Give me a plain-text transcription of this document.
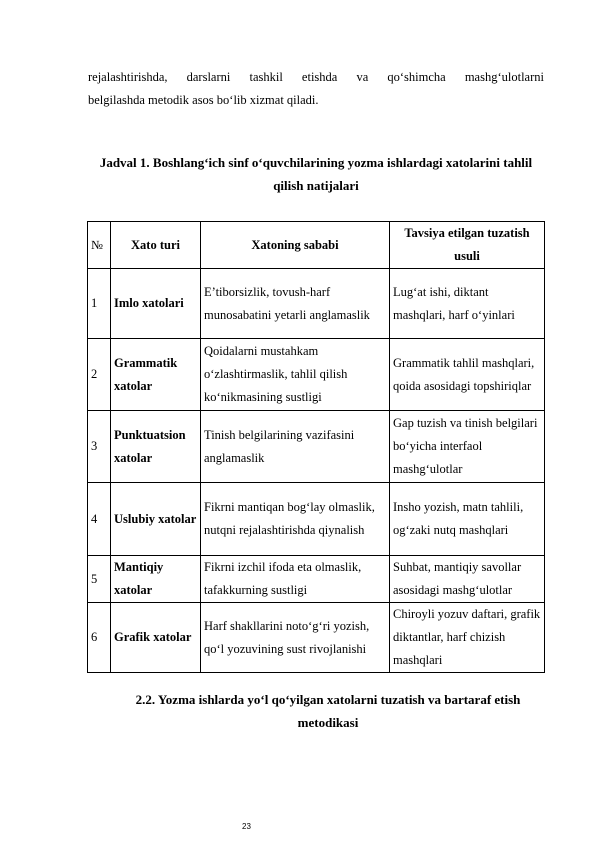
rejalashtirishda, darslarni tashkil etishda va qo‘shimcha mashg‘ulotlarni
belgilashda metodik asos bo‘lib xizmat qiladi.
Jadval 1. Boshlang‘ich sinf o‘quvchilarining yozma ishlardagi xatolarini tahlil qilish natijalari
№	Xato turi	Xatoning sababi	Tavsiya etilgan tuzatish usuli
1	Imlo xatolari	E’tiborsizlik, tovush-harf munosabatini yetarli anglamaslik	Lug‘at ishi, diktant mashqlari, harf o‘yinlari
2	Grammatik xatolar	Qoidalarni mustahkam o‘zlashtirmaslik, tahlil qilish ko‘nikmasining sustligi	Grammatik tahlil mashqlari, qoida asosidagi topshiriqlar
3	Punktuatsion xatolar	Tinish belgilarining vazifasini anglamaslik	Gap tuzish va tinish belgilari bo‘yicha interfaol mashg‘ulotlar
4	Uslubiy xatolar	Fikrni mantiqan bog‘lay olmaslik, nutqni rejalashtirishda qiynalish	Insho yozish, matn tahlili, og‘zaki nutq mashqlari
5	Mantiqiy xatolar	Fikrni izchil ifoda eta olmaslik, tafakkurning sustligi	Suhbat, mantiqiy savollar asosidagi mashg‘ulotlar
6	Grafik xatolar	Harf shakllarini noto‘g‘ri yozish, qo‘l yozuvining sust rivojlanishi	Chiroyli yozuv daftari, grafik diktantlar, harf chizish mashqlari
2.2. Yozma ishlarda yo‘l qo‘yilgan xatolarni tuzatish va bartaraf etish metodikasi
23
